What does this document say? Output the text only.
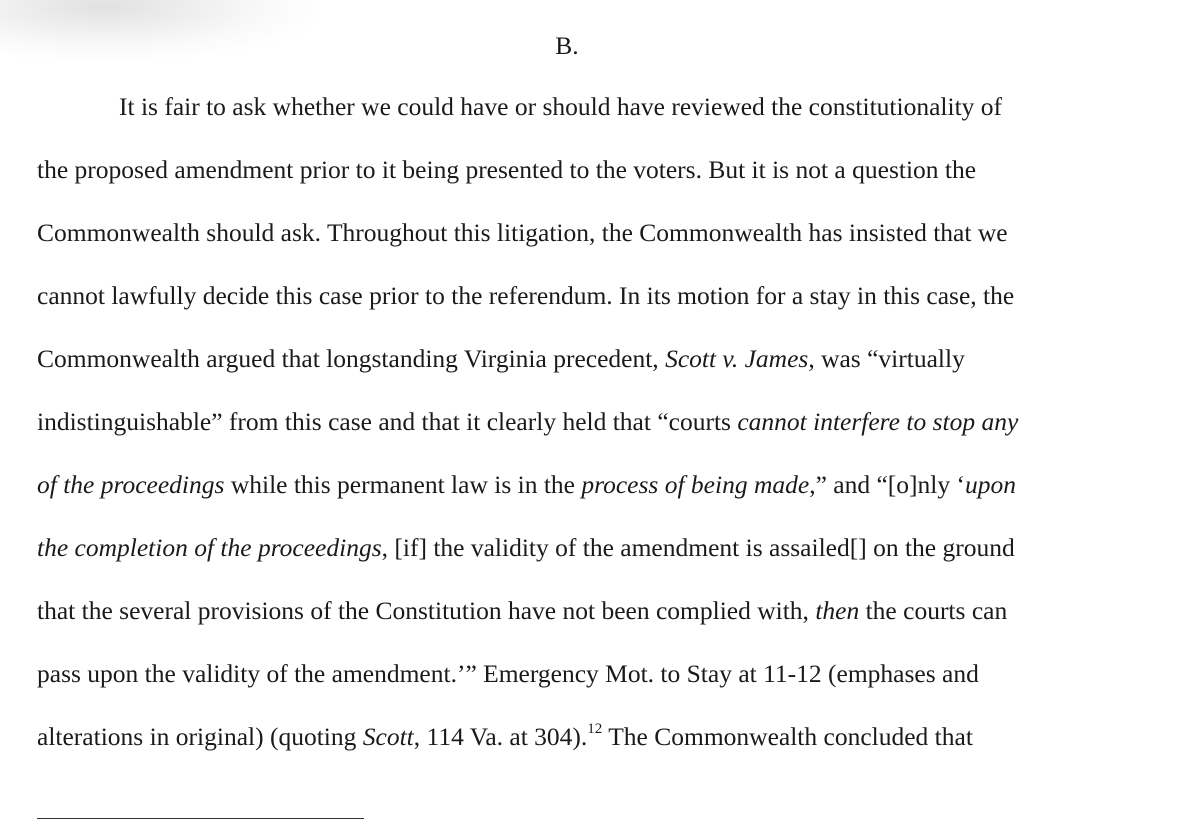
B.
It is fair to ask whether we could have or should have reviewed the constitutionality of
the proposed amendment prior to it being presented to the voters. But it is not a question the
Commonwealth should ask. Throughout this litigation, the Commonwealth has insisted that we
cannot lawfully decide this case prior to the referendum. In its motion for a stay in this case, the
Commonwealth argued that longstanding Virginia precedent, Scott v. James, was “virtually
indistinguishable” from this case and that it clearly held that “courts cannot interfere to stop any
of the proceedings while this permanent law is in the process of being made,” and “[o]nly ‘upon
the completion of the proceedings, [if] the validity of the amendment is assailed[] on the ground
that the several provisions of the Constitution have not been complied with, then the courts can
pass upon the validity of the amendment.’” Emergency Mot. to Stay at 11-12 (emphases and
alterations in original) (quoting Scott, 114 Va. at 304).$^{12}$ The Commonwealth concluded that
